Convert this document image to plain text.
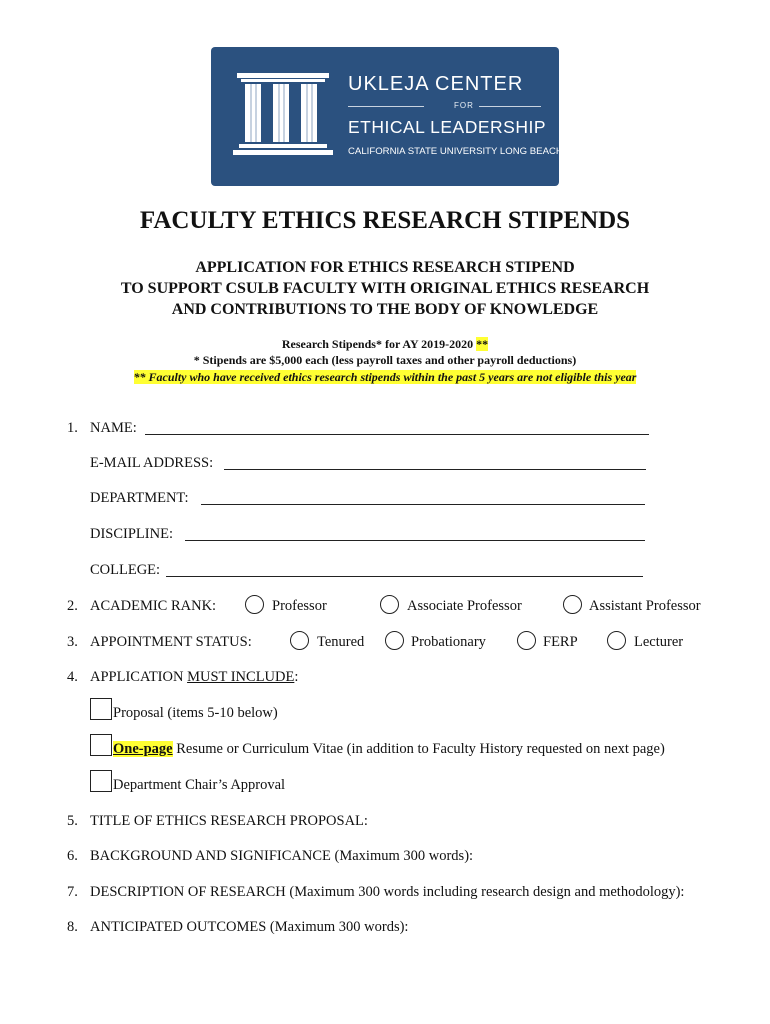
UKLEJA CENTER
FOR
ETHICAL LEADERSHIP
CALIFORNIA STATE UNIVERSITY LONG BEACH
FACULTY ETHICS RESEARCH STIPENDS
APPLICATION FOR ETHICS RESEARCH STIPEND
TO SUPPORT CSULB FACULTY WITH ORIGINAL ETHICS RESEARCH
AND CONTRIBUTIONS TO THE BODY OF KNOWLEDGE
Research Stipends* for AY 2019-2020 **
* Stipends are $5,000 each (less payroll taxes and other payroll deductions)
** Faculty who have received ethics research stipends within the past 5 years are not eligible this year
1. NAME:
E-MAIL ADDRESS:
DEPARTMENT:
DISCIPLINE:
COLLEGE:
2. ACADEMIC RANK:	Professor	Associate Professor	Assistant Professor
3. APPOINTMENT STATUS:	Tenured	Probationary	FERP	Lecturer
4. APPLICATION MUST INCLUDE:
Proposal (items 5-10 below)
One-page Resume or Curriculum Vitae (in addition to Faculty History requested on next page)
Department Chair’s Approval
5. TITLE OF ETHICS RESEARCH PROPOSAL:
6. BACKGROUND AND SIGNIFICANCE (Maximum 300 words):
7. DESCRIPTION OF RESEARCH (Maximum 300 words including research design and methodology):
8. ANTICIPATED OUTCOMES (Maximum 300 words):
